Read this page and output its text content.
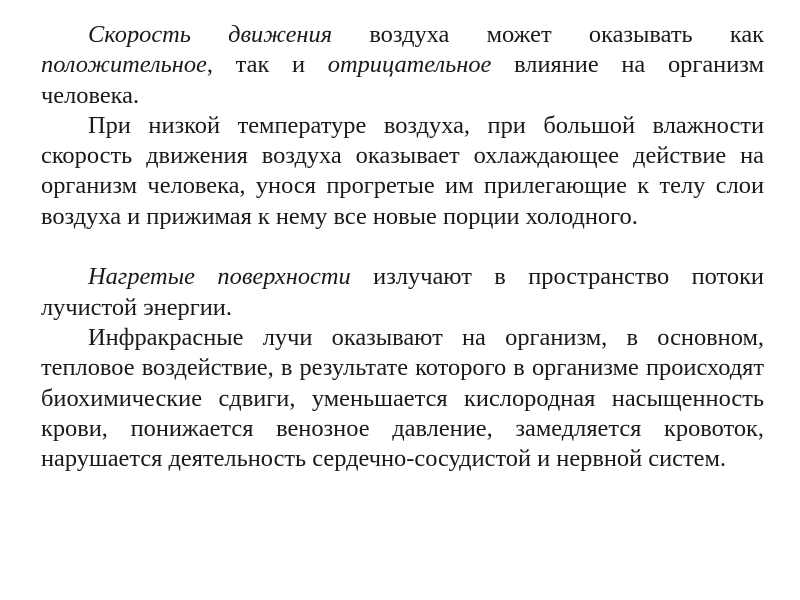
Скорость движения воздуха может оказывать как положительное, так и отрицательное влияние на организм человека.

При низкой температуре воздуха, при большой влажности скорость движения воздуха оказывает охлаждающее действие на организм человека, унося прогретые им прилегающие к телу слои воздуха и прижимая к нему все новые порции холодного.

Нагретые поверхности излучают в пространство потоки лучистой энергии.

Инфракрасные лучи оказывают на организм, в основном, тепловое воздействие, в результате которого в организме происходят биохимические сдвиги, уменьшается кислородная насыщенность крови, понижается венозное давление, замедляется кровоток, нарушается деятельность сердечно-сосудистой и нервной систем.
